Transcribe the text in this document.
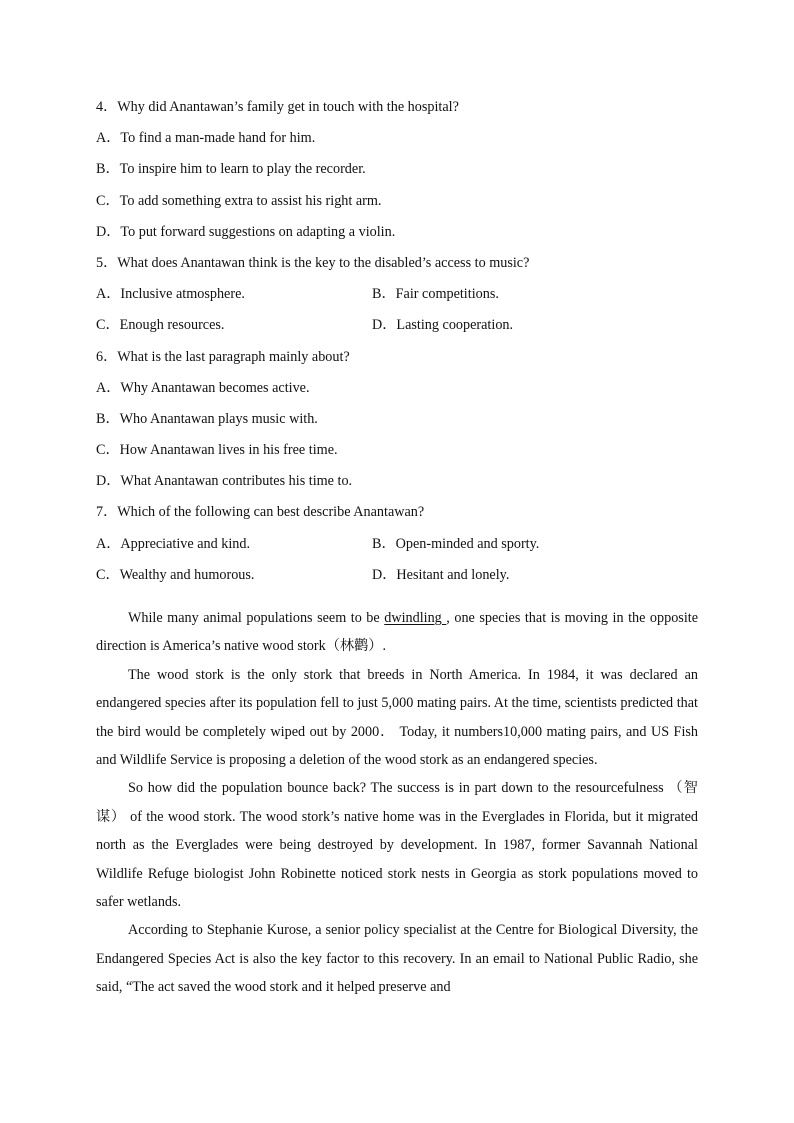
4．Why did Anantawan’s family get in touch with the hospital?
A．To find a man-made hand for him.
B．To inspire him to learn to play the recorder.
C．To add something extra to assist his right arm.
D．To put forward suggestions on adapting a violin.
5．What does Anantawan think is the key to the disabled’s access to music?
A．Inclusive atmosphere.	B．Fair competitions.
C．Enough resources.	D．Lasting cooperation.
6．What is the last paragraph mainly about?
A．Why Anantawan becomes active.
B．Who Anantawan plays music with.
C．How Anantawan lives in his free time.
D．What Anantawan contributes his time to.
7．Which of the following can best describe Anantawan?
A．Appreciative and kind.	B．Open-minded and sporty.
C．Wealthy and humorous.	D．Hesitant and lonely.

While many animal populations seem to be dwindling , one species that is moving in the opposite direction is America’s native wood stork（林鹳）.

The wood stork is the only stork that breeds in North America. In 1984, it was declared an endangered species after its population fell to just 5,000 mating pairs. At the time, scientists predicted that the bird would be completely wiped out by 2000． Today, it numbers10,000 mating pairs, and US Fish and Wildlife Service is proposing a deletion of the wood stork as an endangered species.

So how did the population bounce back? The success is in part down to the resourcefulness （智谋） of the wood stork. The wood stork’s native home was in the Everglades in Florida, but it migrated north as the Everglades were being destroyed by development. In 1987, former Savannah National Wildlife Refuge biologist John Robinette noticed stork nests in Georgia as stork populations moved to safer wetlands.

According to Stephanie Kurose, a senior policy specialist at the Centre for Biological Diversity, the Endangered Species Act is also the key factor to this recovery. In an email to National Public Radio, she said, “The act saved the wood stork and it helped preserve and
